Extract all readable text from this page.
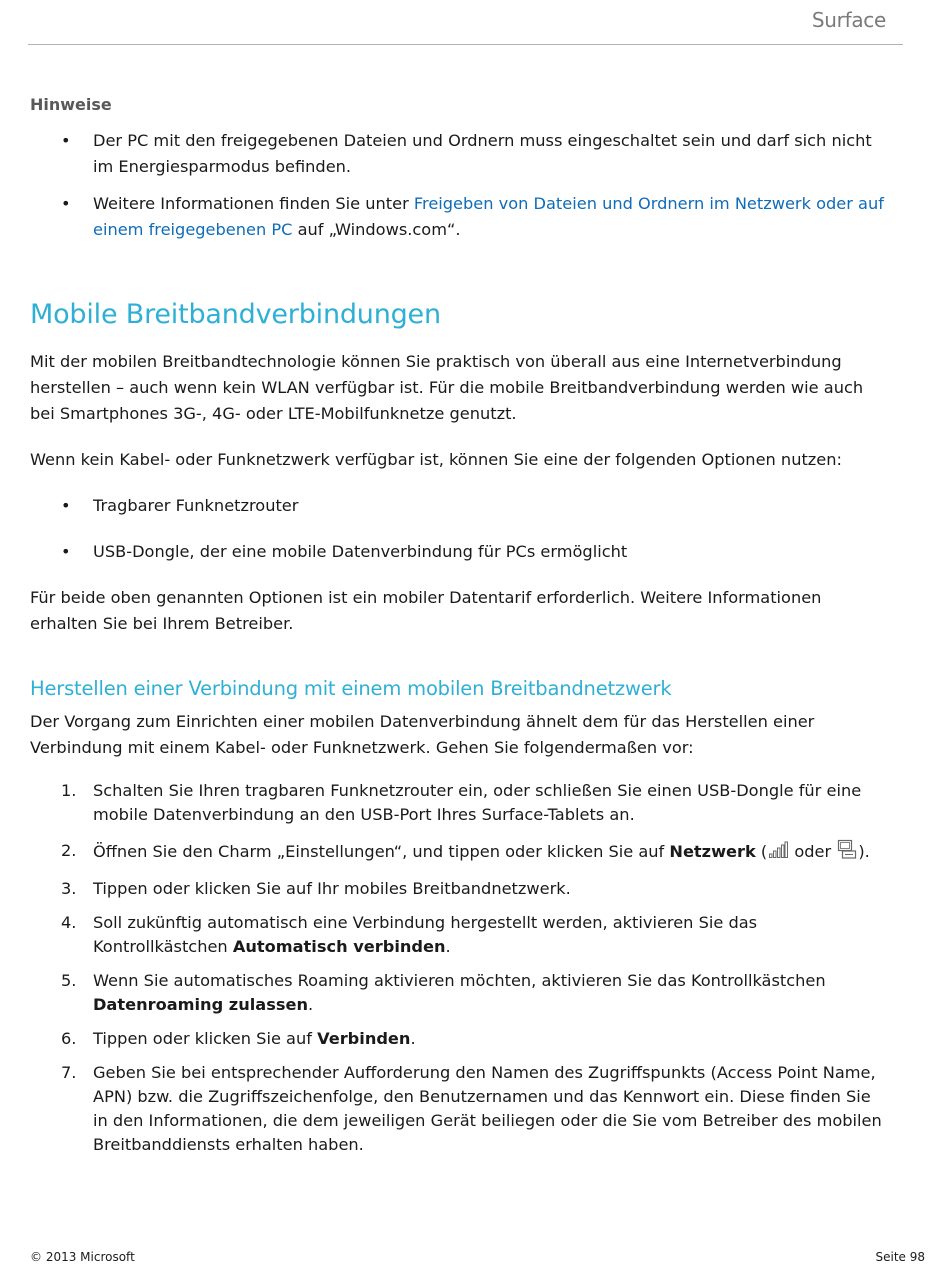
Surface
Hinweise
• Der PC mit den freigegebenen Dateien und Ordnern muss eingeschaltet sein und darf sich nicht im Energiesparmodus befinden.
• Weitere Informationen finden Sie unter Freigeben von Dateien und Ordnern im Netzwerk oder auf einem freigegebenen PC auf „Windows.com“.
Mobile Breitbandverbindungen

Mit der mobilen Breitbandtechnologie können Sie praktisch von überall aus eine Internetverbindung herstellen – auch wenn kein WLAN verfügbar ist. Für die mobile Breitbandverbindung werden wie auch bei Smartphones 3G-, 4G- oder LTE-Mobilfunknetze genutzt.

Wenn kein Kabel- oder Funknetzwerk verfügbar ist, können Sie eine der folgenden Optionen nutzen:

• Tragbarer Funknetzrouter
• USB-Dongle, der eine mobile Datenverbindung für PCs ermöglicht

Für beide oben genannten Optionen ist ein mobiler Datentarif erforderlich. Weitere Informationen erhalten Sie bei Ihrem Betreiber.

Herstellen einer Verbindung mit einem mobilen Breitbandnetzwerk

Der Vorgang zum Einrichten einer mobilen Datenverbindung ähnelt dem für das Herstellen einer Verbindung mit einem Kabel- oder Funknetzwerk. Gehen Sie folgendermaßen vor:

1. Schalten Sie Ihren tragbaren Funknetzrouter ein, oder schließen Sie einen USB-Dongle für eine mobile Datenverbindung an den USB-Port Ihres Surface-Tablets an.
2. Öffnen Sie den Charm „Einstellungen“, und tippen oder klicken Sie auf Netzwerk ( oder ).
3. Tippen oder klicken Sie auf Ihr mobiles Breitbandnetzwerk.
4. Soll zukünftig automatisch eine Verbindung hergestellt werden, aktivieren Sie das Kontrollkästchen Automatisch verbinden.
5. Wenn Sie automatisches Roaming aktivieren möchten, aktivieren Sie das Kontrollkästchen Datenroaming zulassen.
6. Tippen oder klicken Sie auf Verbinden.
7. Geben Sie bei entsprechender Aufforderung den Namen des Zugriffspunkts (Access Point Name, APN) bzw. die Zugriffszeichenfolge, den Benutzernamen und das Kennwort ein. Diese finden Sie in den Informationen, die dem jeweiligen Gerät beiliegen oder die Sie vom Betreiber des mobilen Breitbanddiensts erhalten haben.
© 2013 Microsoft	Seite 98
